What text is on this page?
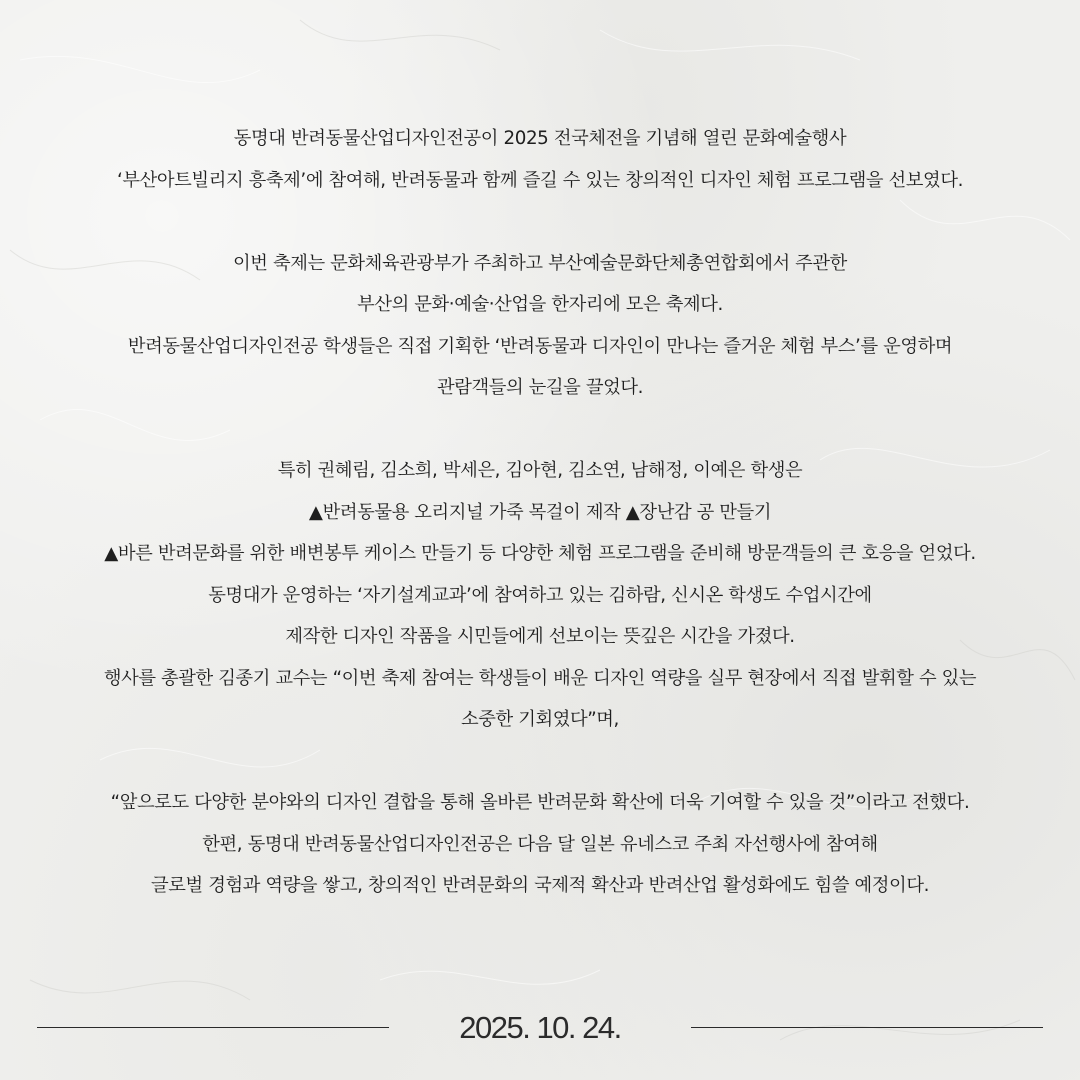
동명대 반려동물산업디자인전공이 2025 전국체전을 기념해 열린 문화예술행사
‘부산아트빌리지 흥축제’에 참여해, 반려동물과 함께 즐길 수 있는 창의적인 디자인 체험 프로그램을 선보였다.
이번 축제는 문화체육관광부가 주최하고 부산예술문화단체총연합회에서 주관한
부산의 문화·예술·산업을 한자리에 모은 축제다.
반려동물산업디자인전공 학생들은 직접 기획한 ‘반려동물과 디자인이 만나는 즐거운 체험 부스’를 운영하며
관람객들의 눈길을 끌었다.
특히 권혜림, 김소희, 박세은, 김아현, 김소연, 남해정, 이예은 학생은
▲반려동물용 오리지널 가죽 목걸이 제작 ▲장난감 공 만들기
▲바른 반려문화를 위한 배변봉투 케이스 만들기 등 다양한 체험 프로그램을 준비해 방문객들의 큰 호응을 얻었다.
동명대가 운영하는 ‘자기설계교과’에 참여하고 있는 김하람, 신시온 학생도 수업시간에
제작한 디자인 작품을 시민들에게 선보이는 뜻깊은 시간을 가졌다.
행사를 총괄한 김종기 교수는 “이번 축제 참여는 학생들이 배운 디자인 역량을 실무 현장에서 직접 발휘할 수 있는
소중한 기회였다”며,
“앞으로도 다양한 분야와의 디자인 결합을 통해 올바른 반려문화 확산에 더욱 기여할 수 있을 것”이라고 전했다.
한편, 동명대 반려동물산업디자인전공은 다음 달 일본 유네스코 주최 자선행사에 참여해
글로벌 경험과 역량을 쌓고, 창의적인 반려문화의 국제적 확산과 반려산업 활성화에도 힘쓸 예정이다.
2025. 10. 24.
